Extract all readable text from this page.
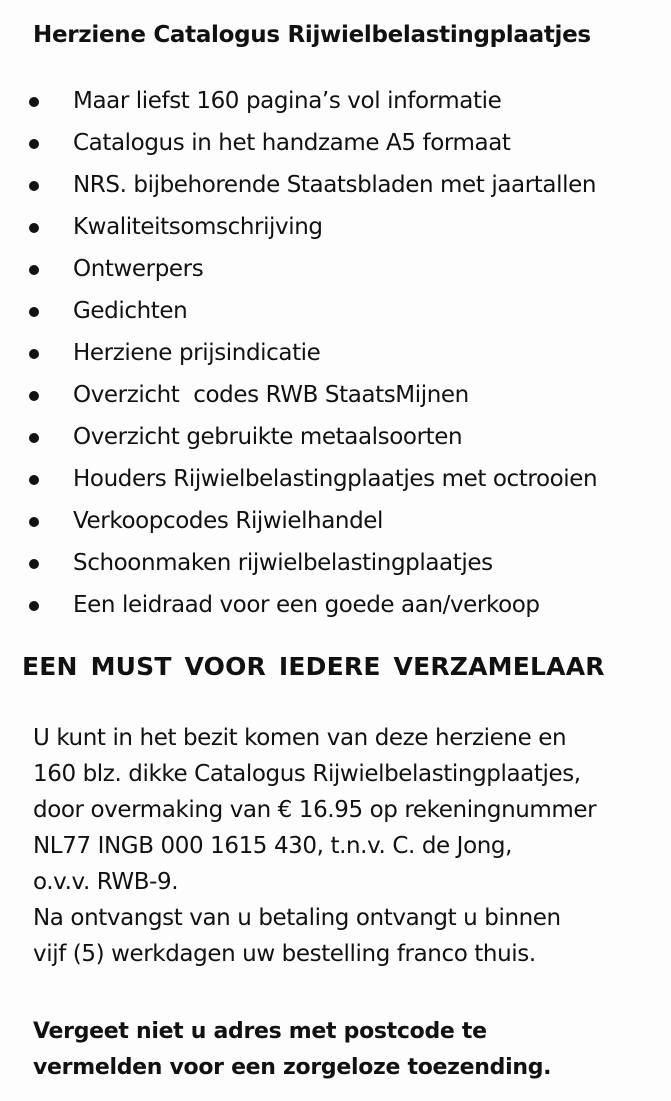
Herziene Catalogus Rijwielbelastingplaatjes
Maar liefst 160 pagina’s vol informatie
Catalogus in het handzame A5 formaat
NRS. bijbehorende Staatsbladen met jaartallen
Kwaliteitsomschrijving
Ontwerpers
Gedichten
Herziene prijsindicatie
Overzicht  codes RWB StaatsMijnen
Overzicht gebruikte metaalsoorten
Houders Rijwielbelastingplaatjes met octrooien
Verkoopcodes Rijwielhandel
Schoonmaken rijwielbelastingplaatjes
Een leidraad voor een goede aan/verkoop
EEN MUST VOOR IEDERE VERZAMELAAR
U kunt in het bezit komen van deze herziene en
160 blz. dikke Catalogus Rijwielbelastingplaatjes,
door overmaking van € 16.95 op rekeningnummer
NL77 INGB 000 1615 430, t.n.v. C. de Jong,
o.v.v. RWB-9.
Na ontvangst van u betaling ontvangt u binnen
vijf (5) werkdagen uw bestelling franco thuis.
Vergeet niet u adres met postcode te
vermelden voor een zorgeloze toezending.
